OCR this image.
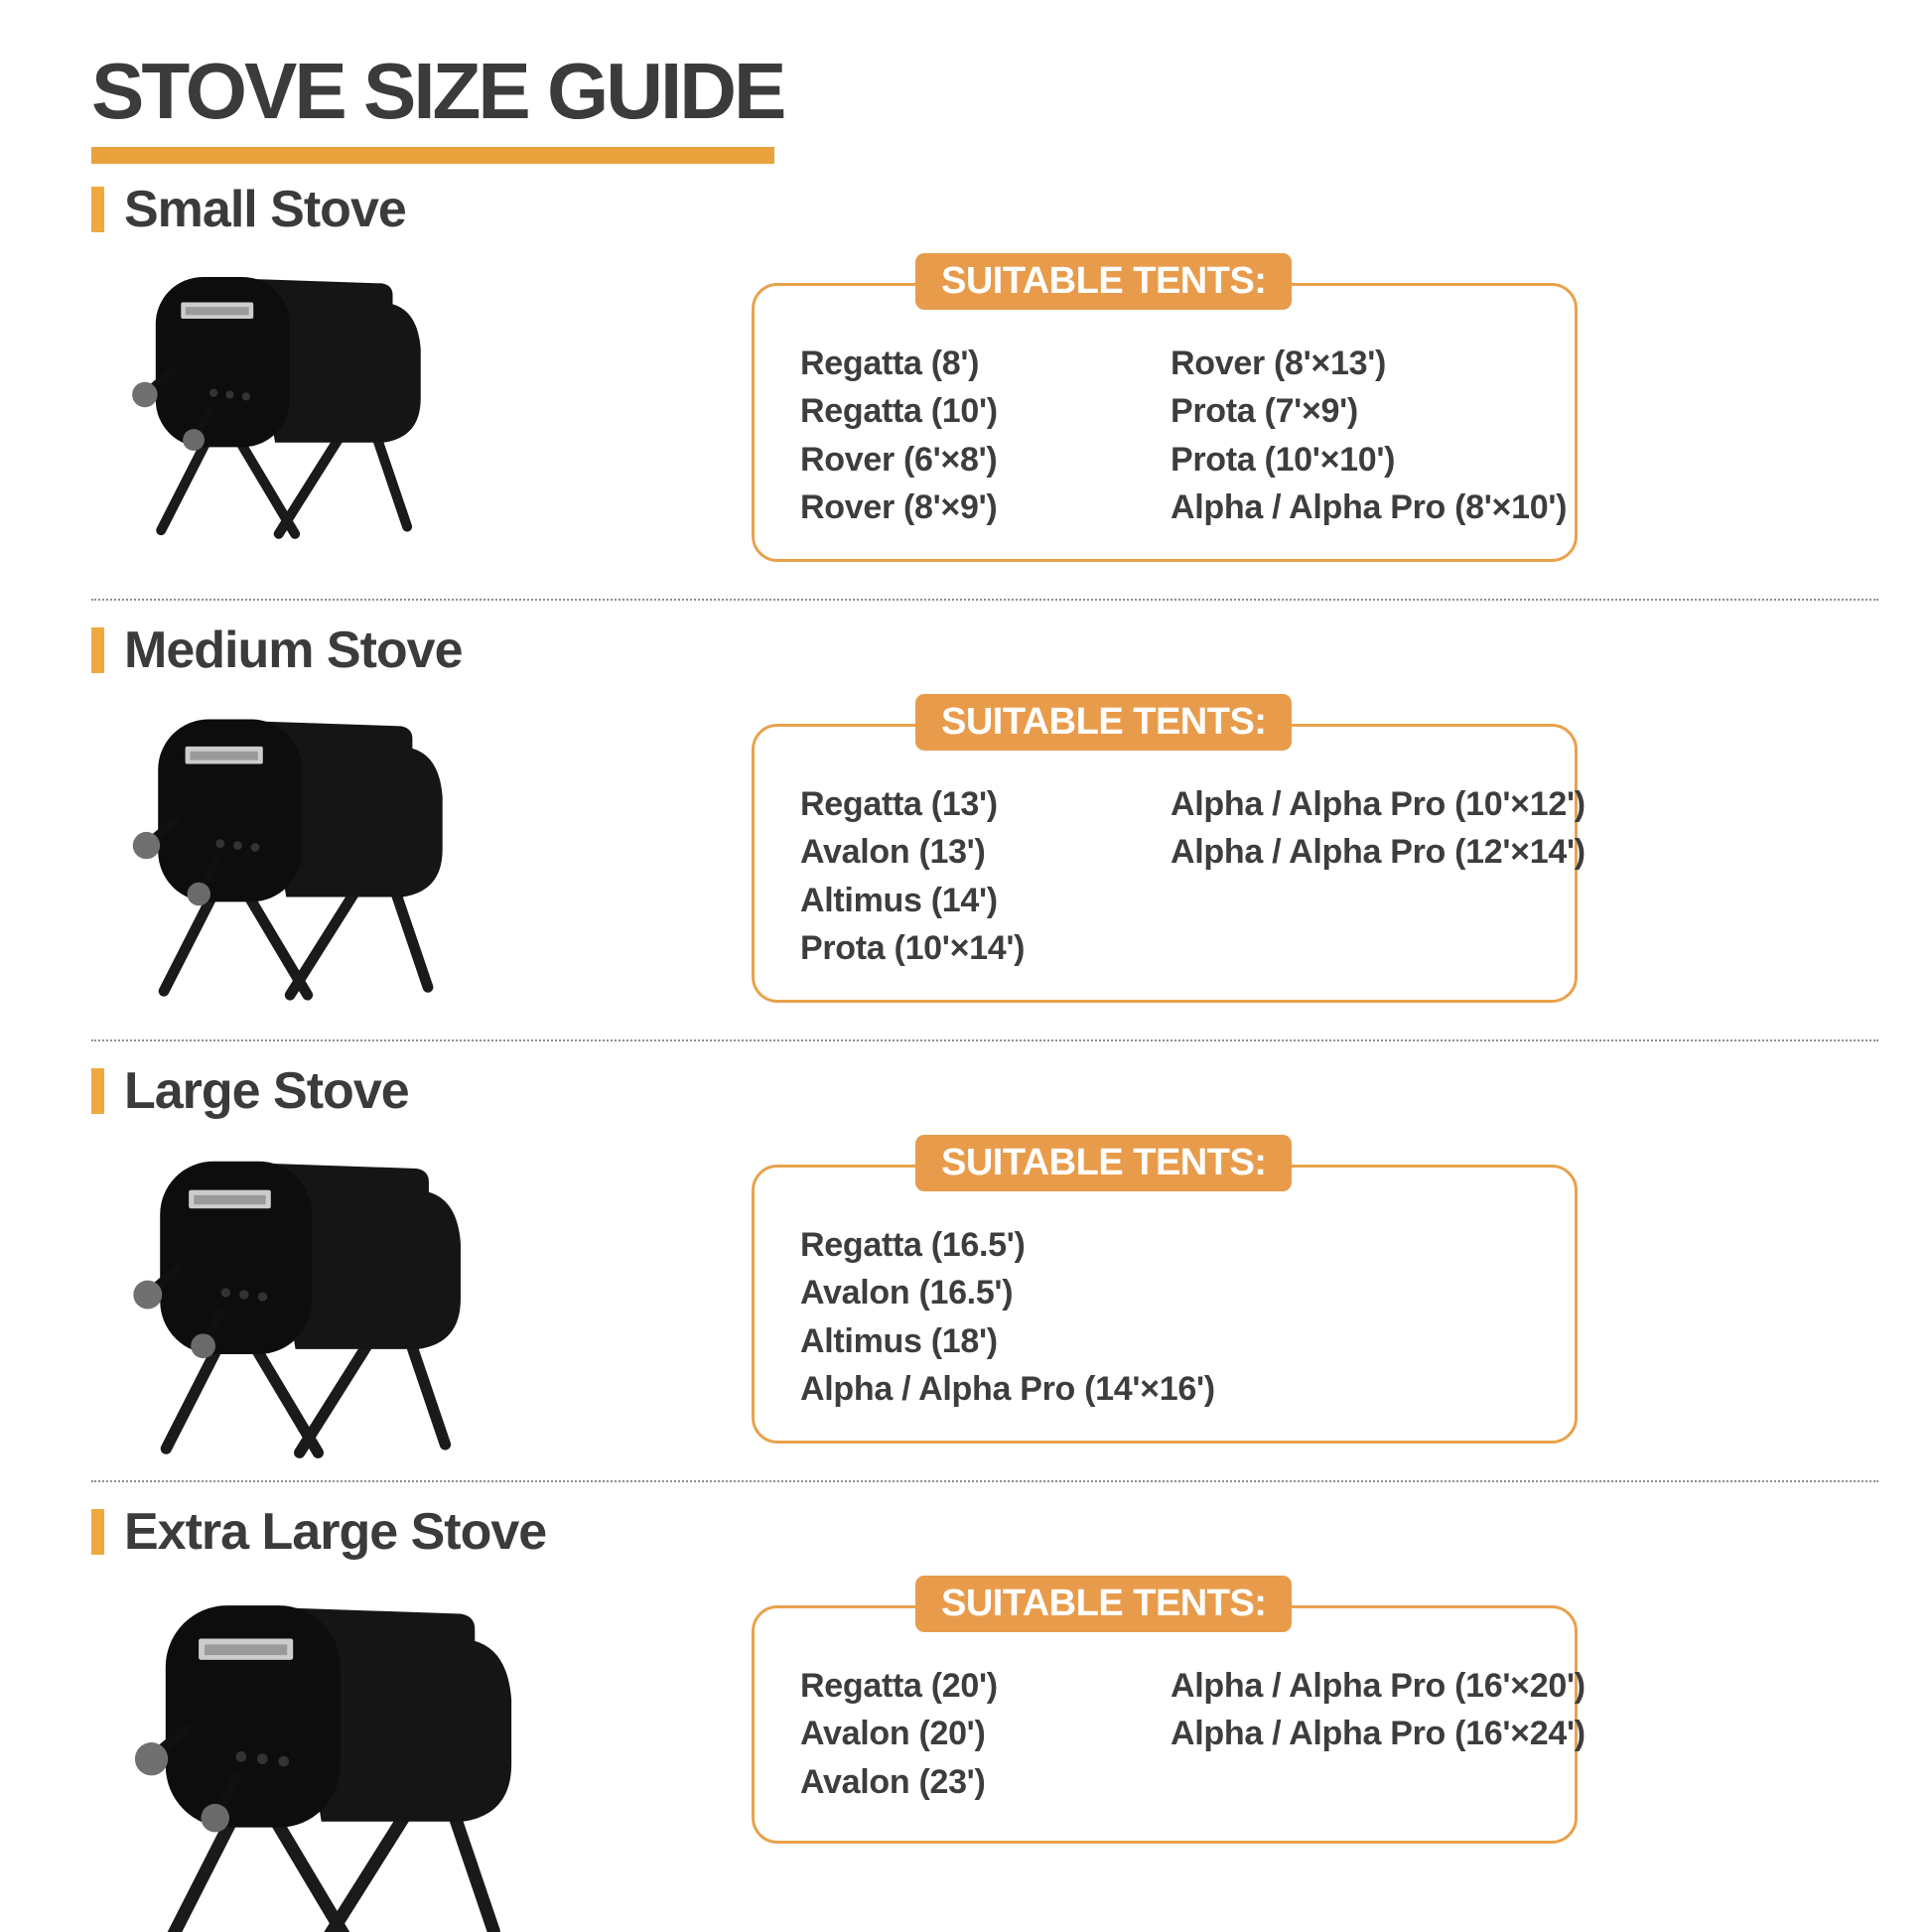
STOVE SIZE GUIDE
Small Stove
SUITABLE TENTS:
Regatta (8')
Regatta (10')
Rover (6'×8')
Rover (8'×9')
Rover (8'×13')
Prota (7'×9')
Prota (10'×10')
Alpha / Alpha Pro (8'×10')
Medium Stove
SUITABLE TENTS:
Regatta (13')
Avalon (13')
Altimus (14')
Prota (10'×14')
Alpha / Alpha Pro (10'×12')
Alpha / Alpha Pro (12'×14')
Large Stove
SUITABLE TENTS:
Regatta (16.5')
Avalon (16.5')
Altimus (18')
Alpha / Alpha Pro (14'×16')
Extra Large Stove
SUITABLE TENTS:
Regatta (20')
Avalon (20')
Avalon (23')
Alpha / Alpha Pro (16'×20')
Alpha / Alpha Pro (16'×24')
